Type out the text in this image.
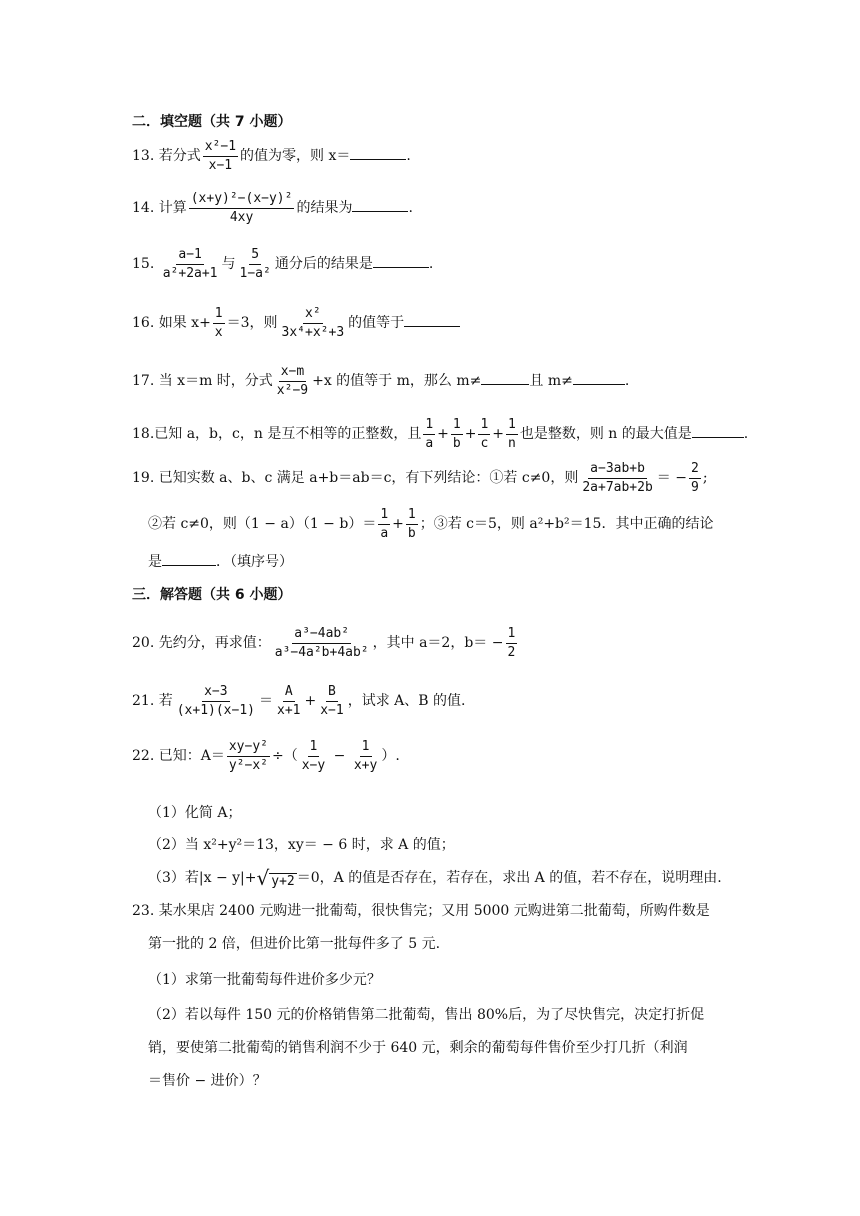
二．填空题（共 7 小题）
13. 若分式 $\frac{\text{x²−1}}{x-1}$ 的值为零，则 x＝	.
14. 计算 $\frac{\text{(x+y)²−(x−y)²}}{4xy}$ 的结果为	.
15. $\frac{a-1}{\text{a²+2a+1}}$ 与 $\frac{5}{\text{1−a²}}$ 通分后的结果是	.
16. 如果 $x+ \frac{1}{x} =3$，则 $\frac{\text{x²}}{\text{3x⁴+x²+3}}$ 的值等于
17. 当 x＝m 时，分式 $\frac{x-m}{\text{x²−9}} +x$ 的值等于 m，那么 m≠	且 m≠	.
18.已知 a，b，c，n 是互不相等的正整数，且 $\frac{1}{a} + \frac{1}{b} + \frac{1}{c} + \frac{1}{n}$ 也是整数，则 n 的最大值是	.
19. 已知实数 a、b、c 满足 a+b＝ab＝c，有下列结论：①若 c≠0，则 $\frac{a-3ab+b}{2a+7ab+2b}$ ＝ − $\frac{2}{9}$ ;
②若 c≠0，则$(1 - a)(1 - b)= \frac{1}{a} + \frac{1}{b}$ ；③若 c＝5，则 a²+b²＝15．其中正确的结论
是	．（填序号）
三．解答题（共 6 小题）
20. 先约分，再求值： $\frac{\text{a³−4ab²}}{\text{a³−4a²b+4ab²}}$ ，其中 a＝2，$b= - \frac{1}{2}$
21. 若 $\frac{x-3}{(x+1)(x-1)} = \frac{A}{x+1} + \frac{B}{x-1}$ ，试求 A、B 的值.
22. 已知：$A= \frac{\text{xy−y²}}{\text{y²−x²}}$ ÷（ $\frac{1}{x-y} - \frac{1}{x+y}$ ）.
（1）化简 A；
（2）当 x²+y²＝13，xy＝ − 6 时，求 A 的值；
（3）若|x − y|+ √ y+2 ＝0，A 的值是否存在，若存在，求出 A 的值，若不存在，说明理由.
23. 某水果店 2400 元购进一批葡萄，很快售完；又用 5000 元购进第二批葡萄，所购件数是
第一批的 2 倍，但进价比第一批每件多了 5 元.
（1）求第一批葡萄每件进价多少元？
（2）若以每件 150 元的价格销售第二批葡萄，售出 80%后，为了尽快售完，决定打折促
销，要使第二批葡萄的销售利润不少于 640 元，剩余的葡萄每件售价至少打几折（利润
＝售价 − 进价）？
